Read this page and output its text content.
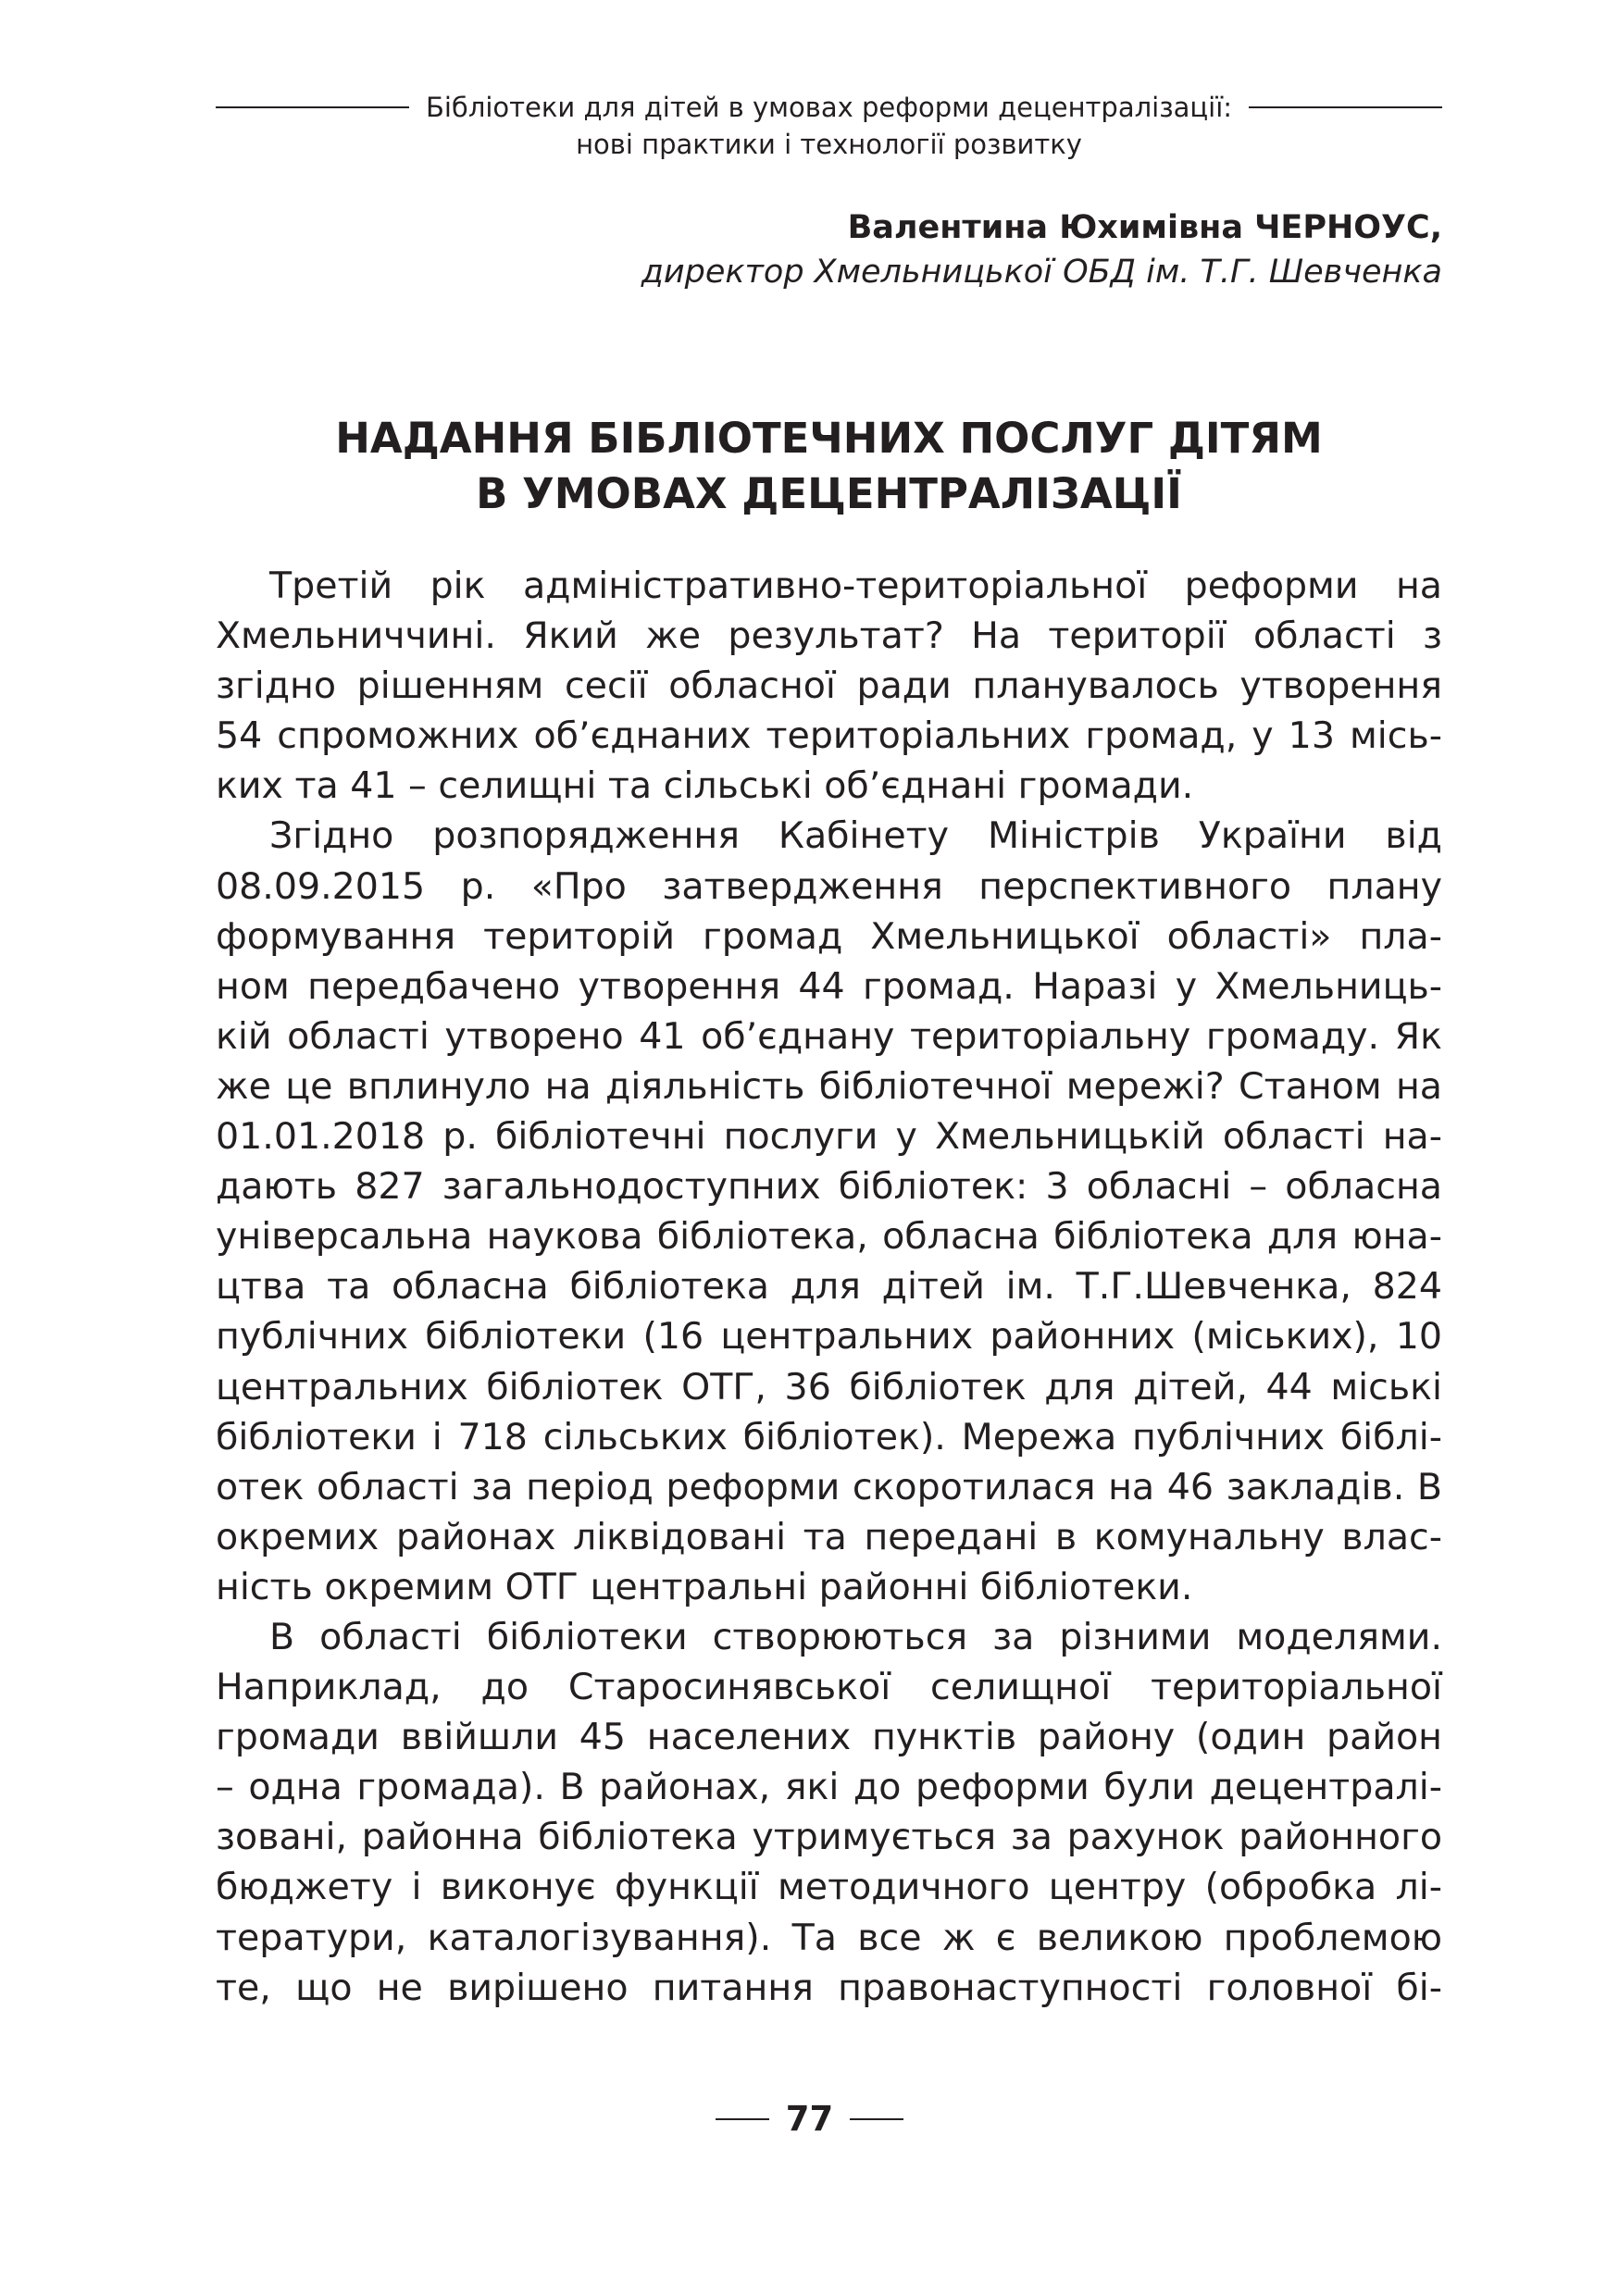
Бібліотеки для дітей в умовах реформи децентралізації:
нові практики і технології розвитку
Валентина Юхимівна ЧЕРНОУС,
директор Хмельницької ОБД ім. Т.Г. Шевченка
НАДАННЯ БІБЛІОТЕЧНИХ ПОСЛУГ ДІТЯМ
В УМОВАХ ДЕЦЕНТРАЛІЗАЦІЇ
Третій рік адміністративно-територіальної реформи на
Хмельниччині. Який же результат? На території області з
згідно рішенням сесії обласної ради планувалось утворення
54 спроможних об’єднаних територіальних громад, у 13 місь-
ких та 41 – селищні та сільські об’єднані громади.
Згідно розпорядження Кабінету Міністрів України від
08.09.2015 р. «Про затвердження перспективного плану
формування територій громад Хмельницької області» пла-
ном передбачено утворення 44 громад. Наразі у Хмельниць-
кій області утворено 41 об’єднану територіальну громаду. Як
же це вплинуло на діяльність бібліотечної мережі? Станом на
01.01.2018 р. бібліотечні послуги у Хмельницькій області на-
дають 827 загальнодоступних бібліотек: 3 обласні – обласна
універсальна наукова бібліотека, обласна бібліотека для юна-
цтва та обласна бібліотека для дітей ім. Т.Г.Шевченка, 824
публічних бібліотеки (16 центральних районних (міських), 10
центральних бібліотек ОТГ, 36 бібліотек для дітей, 44 міські
бібліотеки і 718 сільських бібліотек). Мережа публічних біблі-
отек області за період реформи скоротилася на 46 закладів. В
окремих районах ліквідовані та передані в комунальну влас-
ність окремим ОТГ центральні районні бібліотеки.
В області бібліотеки створюються за різними моделями.
Наприклад, до Старосинявської селищної територіальної
громади ввійшли 45 населених пунктів району (один район
– одна громада). В районах, які до реформи були децентралі-
зовані, районна бібліотека утримується за рахунок районного
бюджету і виконує функції методичного центру (обробка лі-
тератури, каталогізування). Та все ж є великою проблемою
те, що не вирішено питання правонаступності головної бі-
77
